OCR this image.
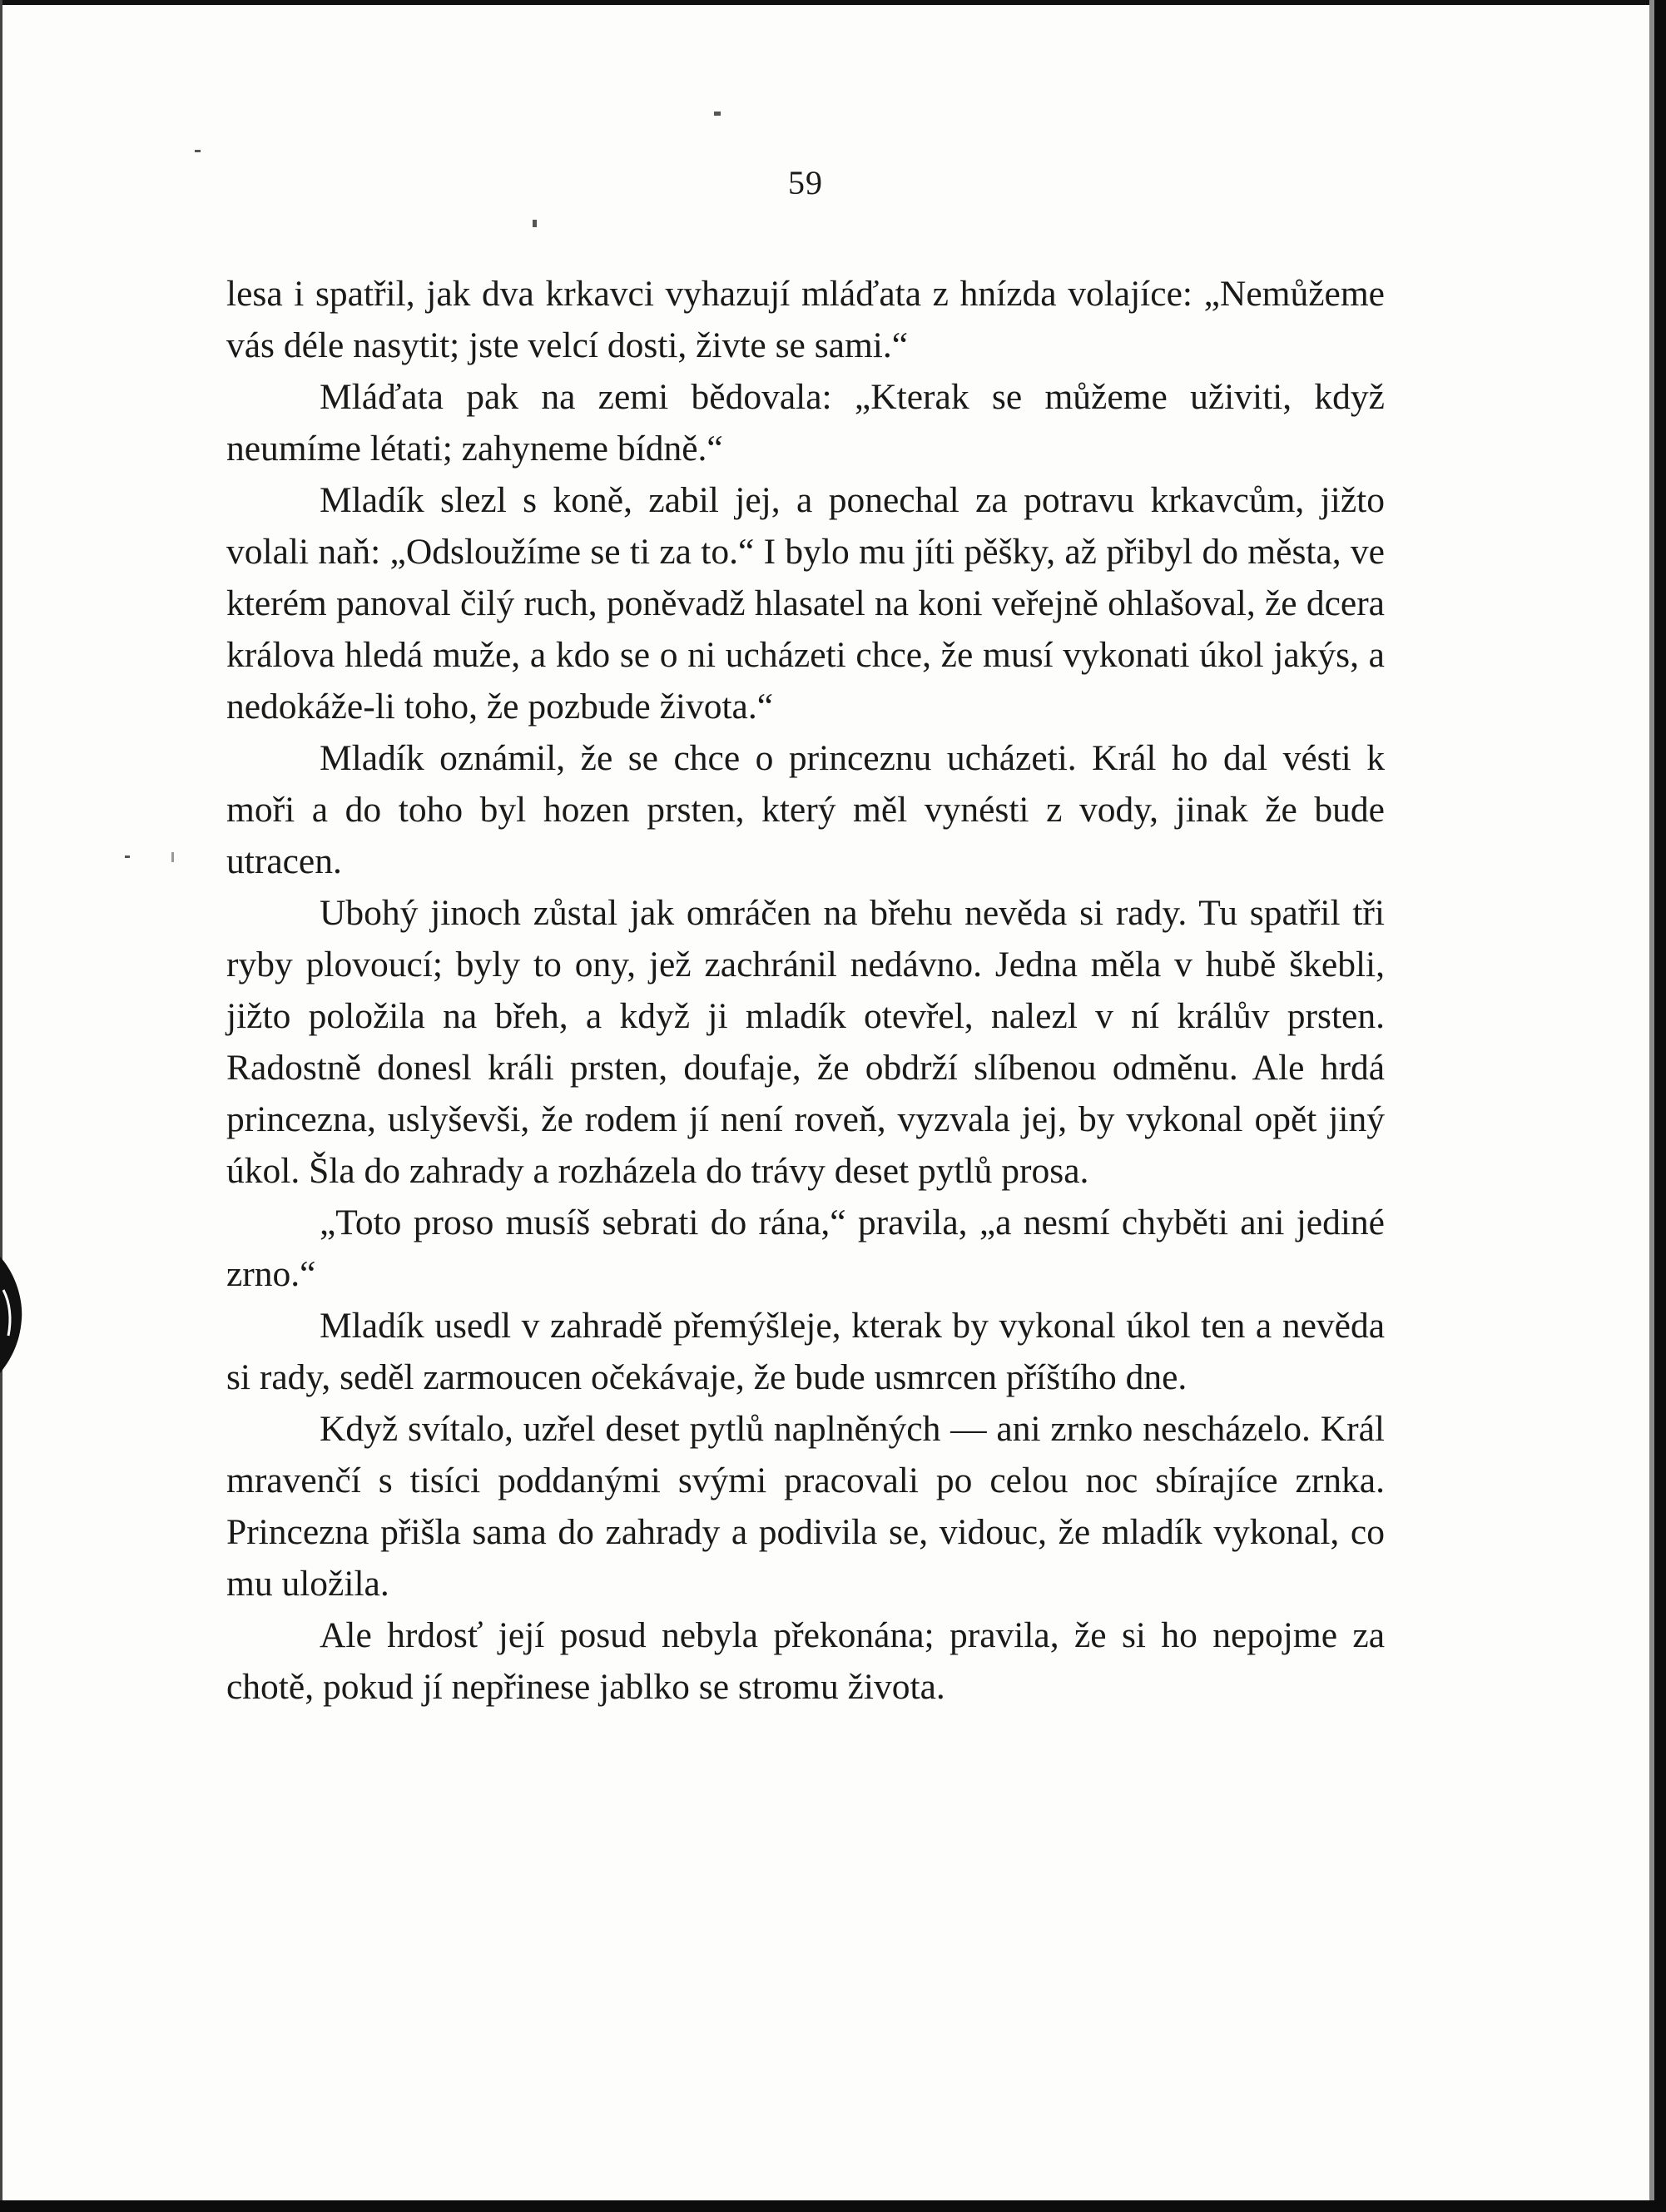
59

lesa i spatřil, jak dva krkavci vyhazují mláďata z hnízda volajíce: „Nemůžeme vás déle nasytit; jste velcí dosti, živte se sami.“

Mláďata pak na zemi bědovala: „Kterak se můžeme uživiti, když neumíme létati; zahyneme bídně.“

Mladík slezl s koně, zabil jej, a ponechal za potravu krkavcům, jižto volali naň: „Odsloužíme se ti za to.“ I bylo mu jíti pěšky, až přibyl do města, ve kterém panoval čilý ruch, poněvadž hlasatel na koni veřejně ohlašoval, že dcera králova hledá muže, a kdo se o ni ucházeti chce, že musí vykonati úkol jakýs, a nedokáže-li toho, že pozbude života.“

Mladík oznámil, že se chce o princeznu ucházeti. Král ho dal vésti k moři a do toho byl hozen prsten, který měl vynésti z vody, jinak že bude utracen.

Ubohý jinoch zůstal jak omráčen na břehu nevěda si rady. Tu spatřil tři ryby plovoucí; byly to ony, jež zachránil nedávno. Jedna měla v hubě škebli, jižto položila na břeh, a když ji mladík otevřel, nalezl v ní králův prsten. Radostně donesl králi prsten, doufaje, že obdrží slíbenou odměnu. Ale hrdá princezna, uslyševši, že rodem jí není roveň, vyzvala jej, by vykonal opět jiný úkol. Šla do zahrady a rozházela do trávy deset pytlů prosa.

„Toto proso musíš sebrati do rána,“ pravila, „a nesmí chyběti ani jediné zrno.“

Mladík usedl v zahradě přemýšleje, kterak by vykonal úkol ten a nevěda si rady, seděl zarmoucen očekávaje, že bude usmrcen příštího dne.

Když svítalo, uzřel deset pytlů naplněných — ani zrnko nescházelo. Král mravenčí s tisíci poddanými svými pracovali po celou noc sbírajíce zrnka. Princezna přišla sama do zahrady a podivila se, vidouc, že mladík vykonal, co mu uložila.

Ale hrdosť její posud nebyla překonána; pravila, že si ho nepojme za chotě, pokud jí nepřinese jablko se stromu života.
